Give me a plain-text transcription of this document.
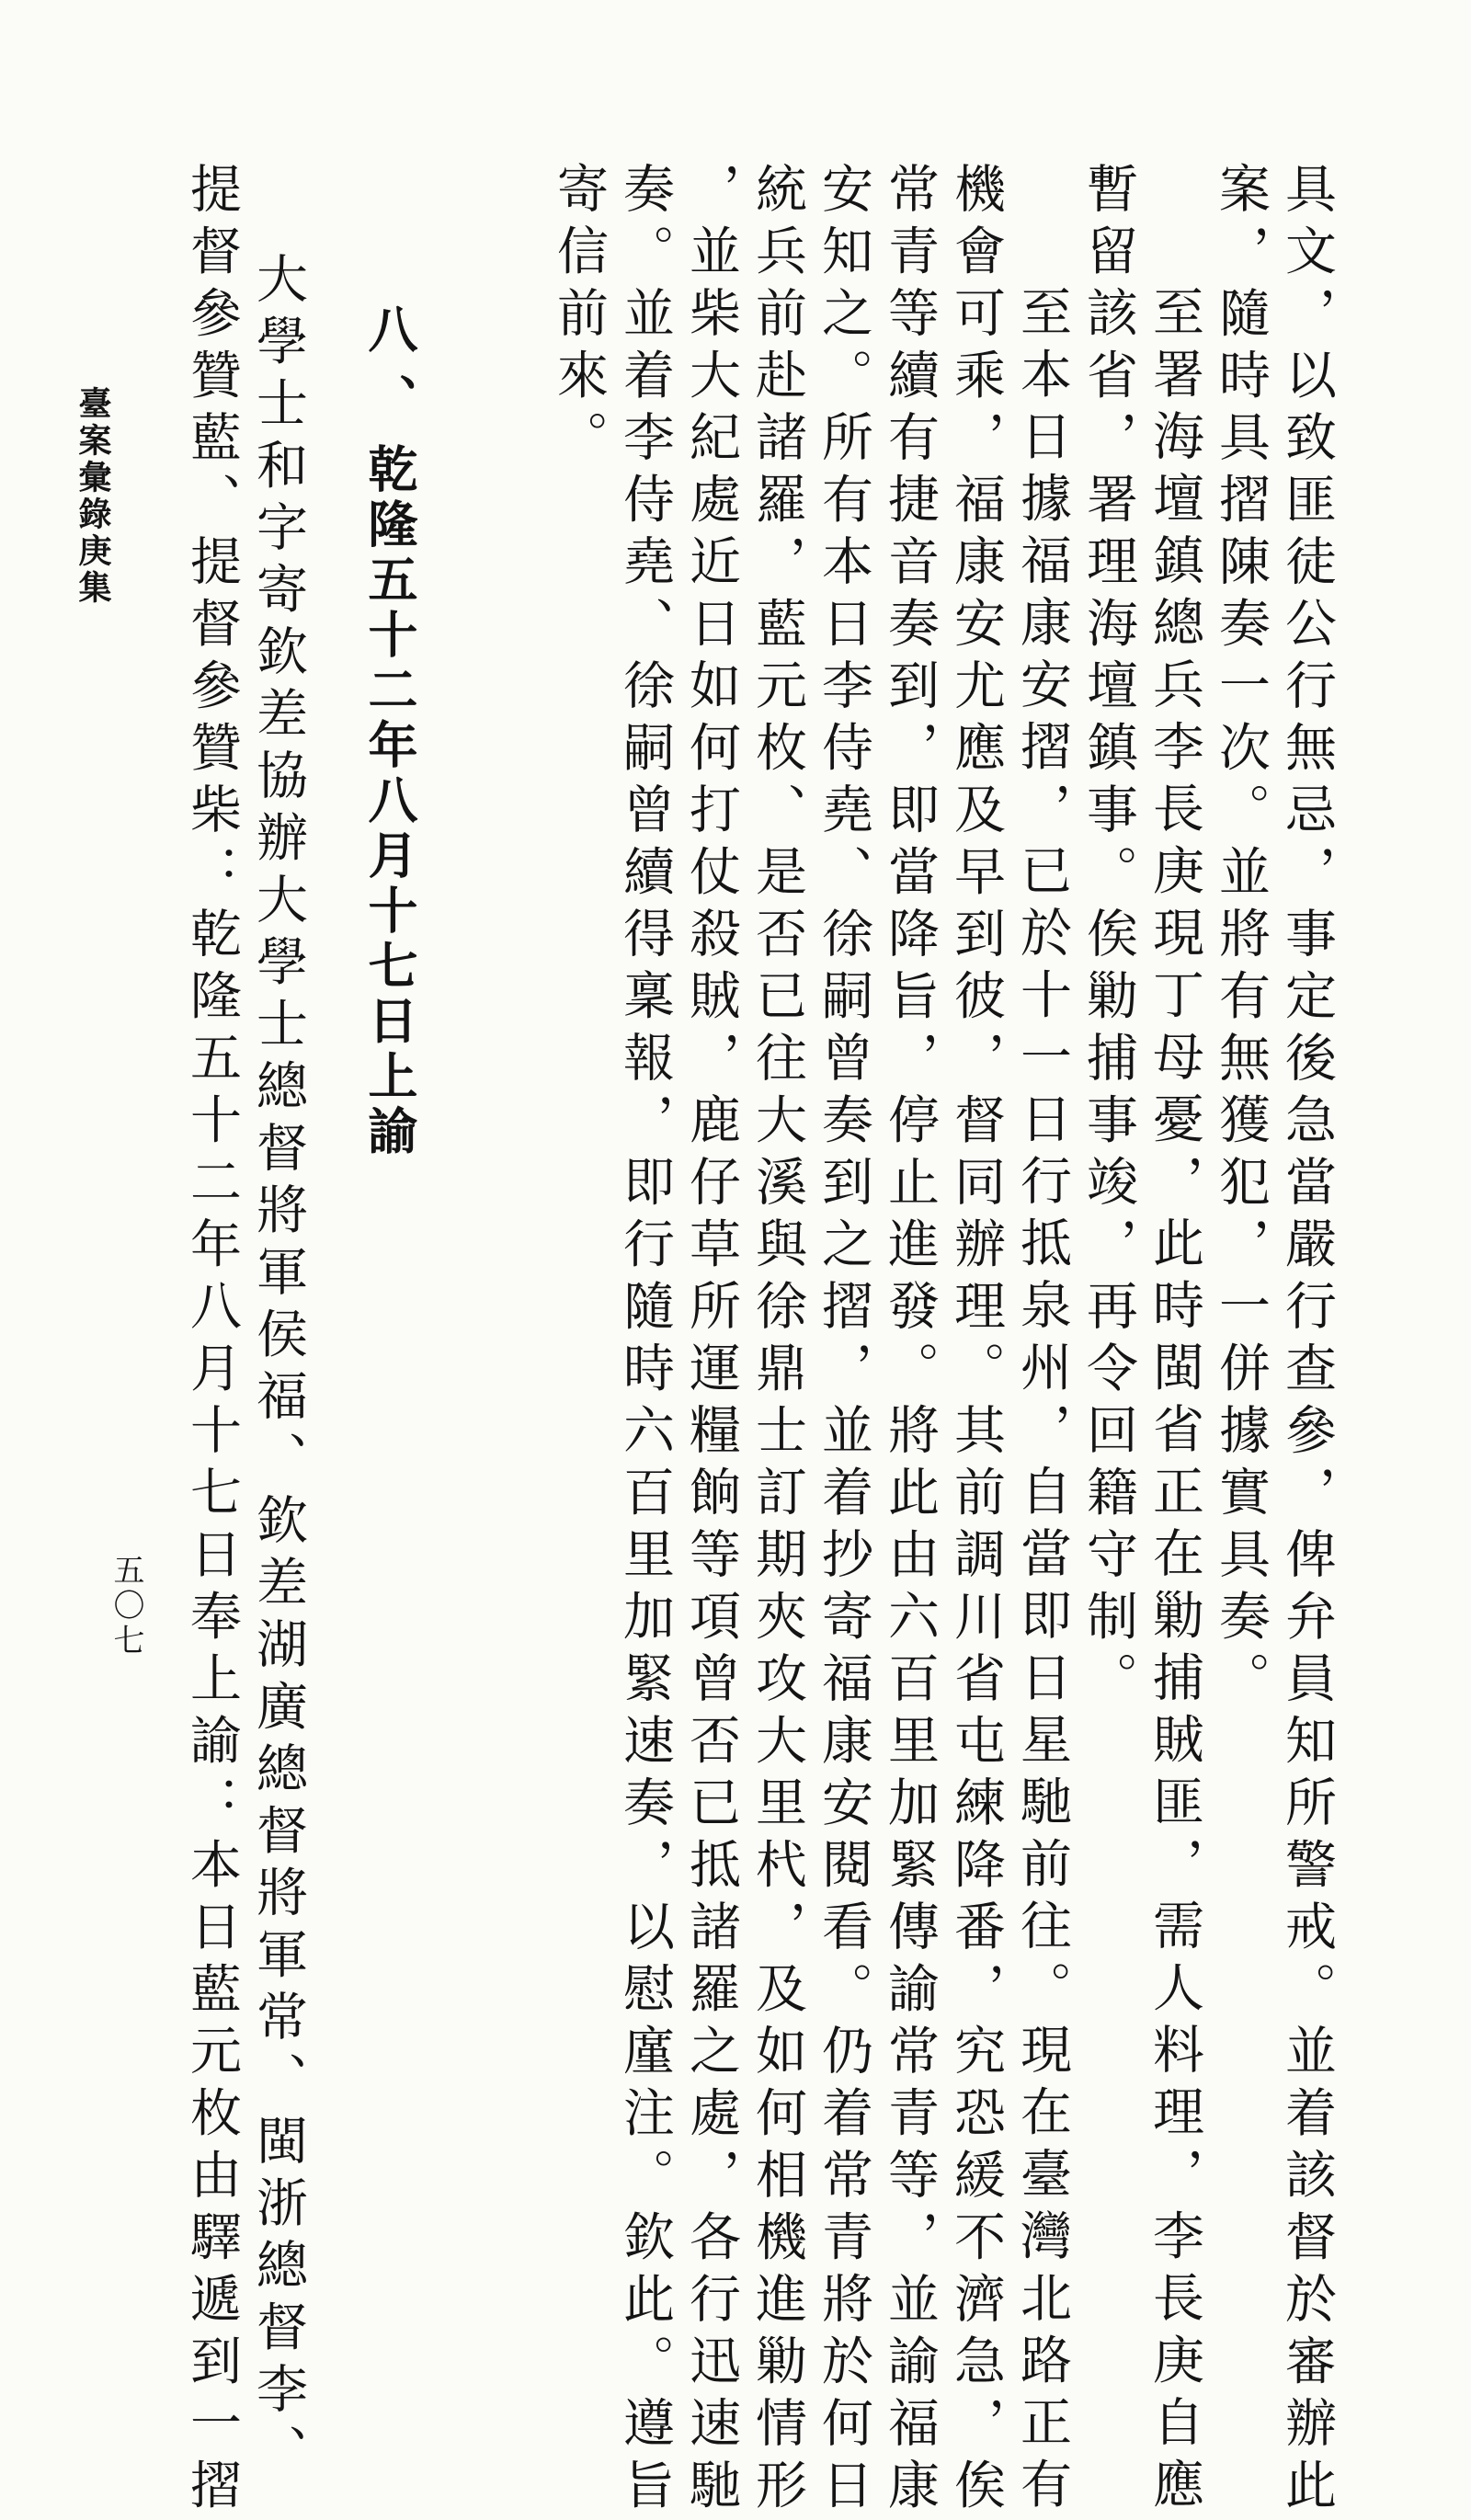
具文，以致匪徒公行無忌，事定後急當嚴行查參，俾弁員知所警戒。並着該督於審辦此
案，隨時具摺陳奏一次。並將有無獲犯，一併據實具奏。
至署海壇鎮總兵李長庚現丁母憂，此時閩省正在勦捕賊匪，需人料理，李長庚自應
暫留該省，署理海壇鎮事。俟勦捕事竣，再令回籍守制。
至本日據福康安摺，已於十一日行抵泉州，自當即日星馳前往。現在臺灣北路正有
機會可乘，福康安尤應及早到彼，督同辦理。其前調川省屯練降番，究恐緩不濟急，俟
常青等續有捷音奏到，即當降旨，停止進發。將此由六百里加緊傳諭常青等，並諭福康
安知之。所有本日李侍堯、徐嗣曾奏到之摺，並着抄寄福康安閱看。仍着常青將於何日
統兵前赴諸羅，藍元枚、是否已往大溪與徐鼎士訂期夾攻大里杙，及如何相機進勦情形
，並柴大紀處近日如何打仗殺賊，鹿仔草所運糧餉等項曾否已抵諸羅之處，各行迅速馳
奏。並着李侍堯、徐嗣曾續得稟報，即行隨時六百里加緊速奏，以慰廑注。欽此。遵旨
寄信前來。
八、乾隆五十二年八月十七日上諭
大學士和字寄欽差協辦大學士總督將軍侯福、欽差湖廣總督將軍常、閩浙總督李、
提督參贊藍、提督參贊柴：乾隆五十二年八月十七日奉上諭：本日藍元枚由驛遞到一摺
臺案彙錄庚集
五〇七
